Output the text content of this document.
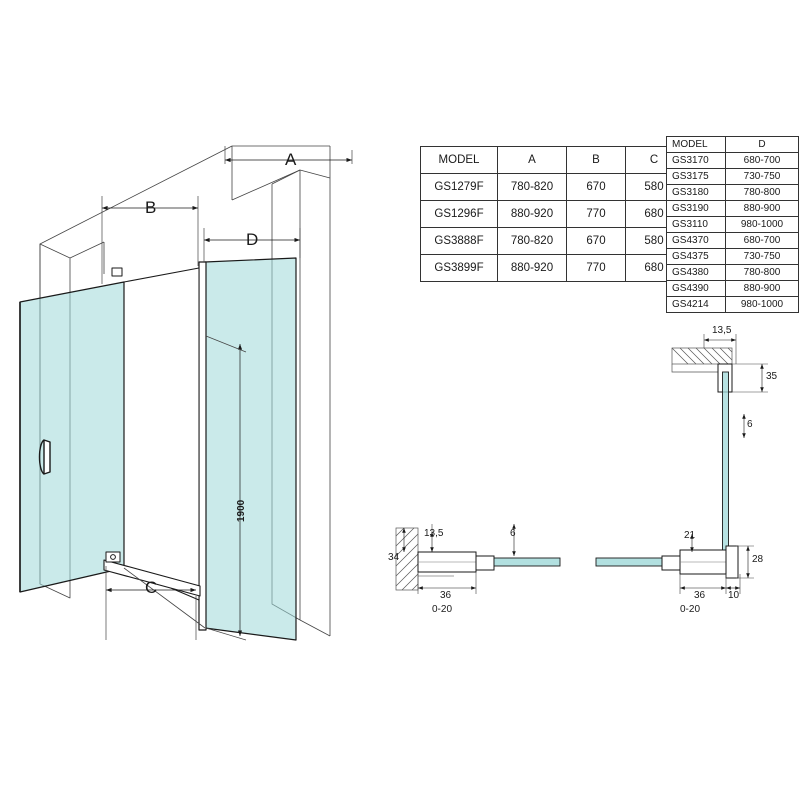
A
B
D
C
1900
13,5
35
6
34
13,5	6
36
0-20
21
28
36
0-20
10
MODEL	A	B	C
GS1279F	780-820	670	580
GS1296F	880-920	770	680
GS3888F	780-820	670	580
GS3899F	880-920	770	680
MODEL	D
GS3170	680-700
GS3175	730-750
GS3180	780-800
GS3190	880-900
GS3110	980-1000
GS4370	680-700
GS4375	730-750
GS4380	780-800
GS4390	880-900
GS4214	980-1000
